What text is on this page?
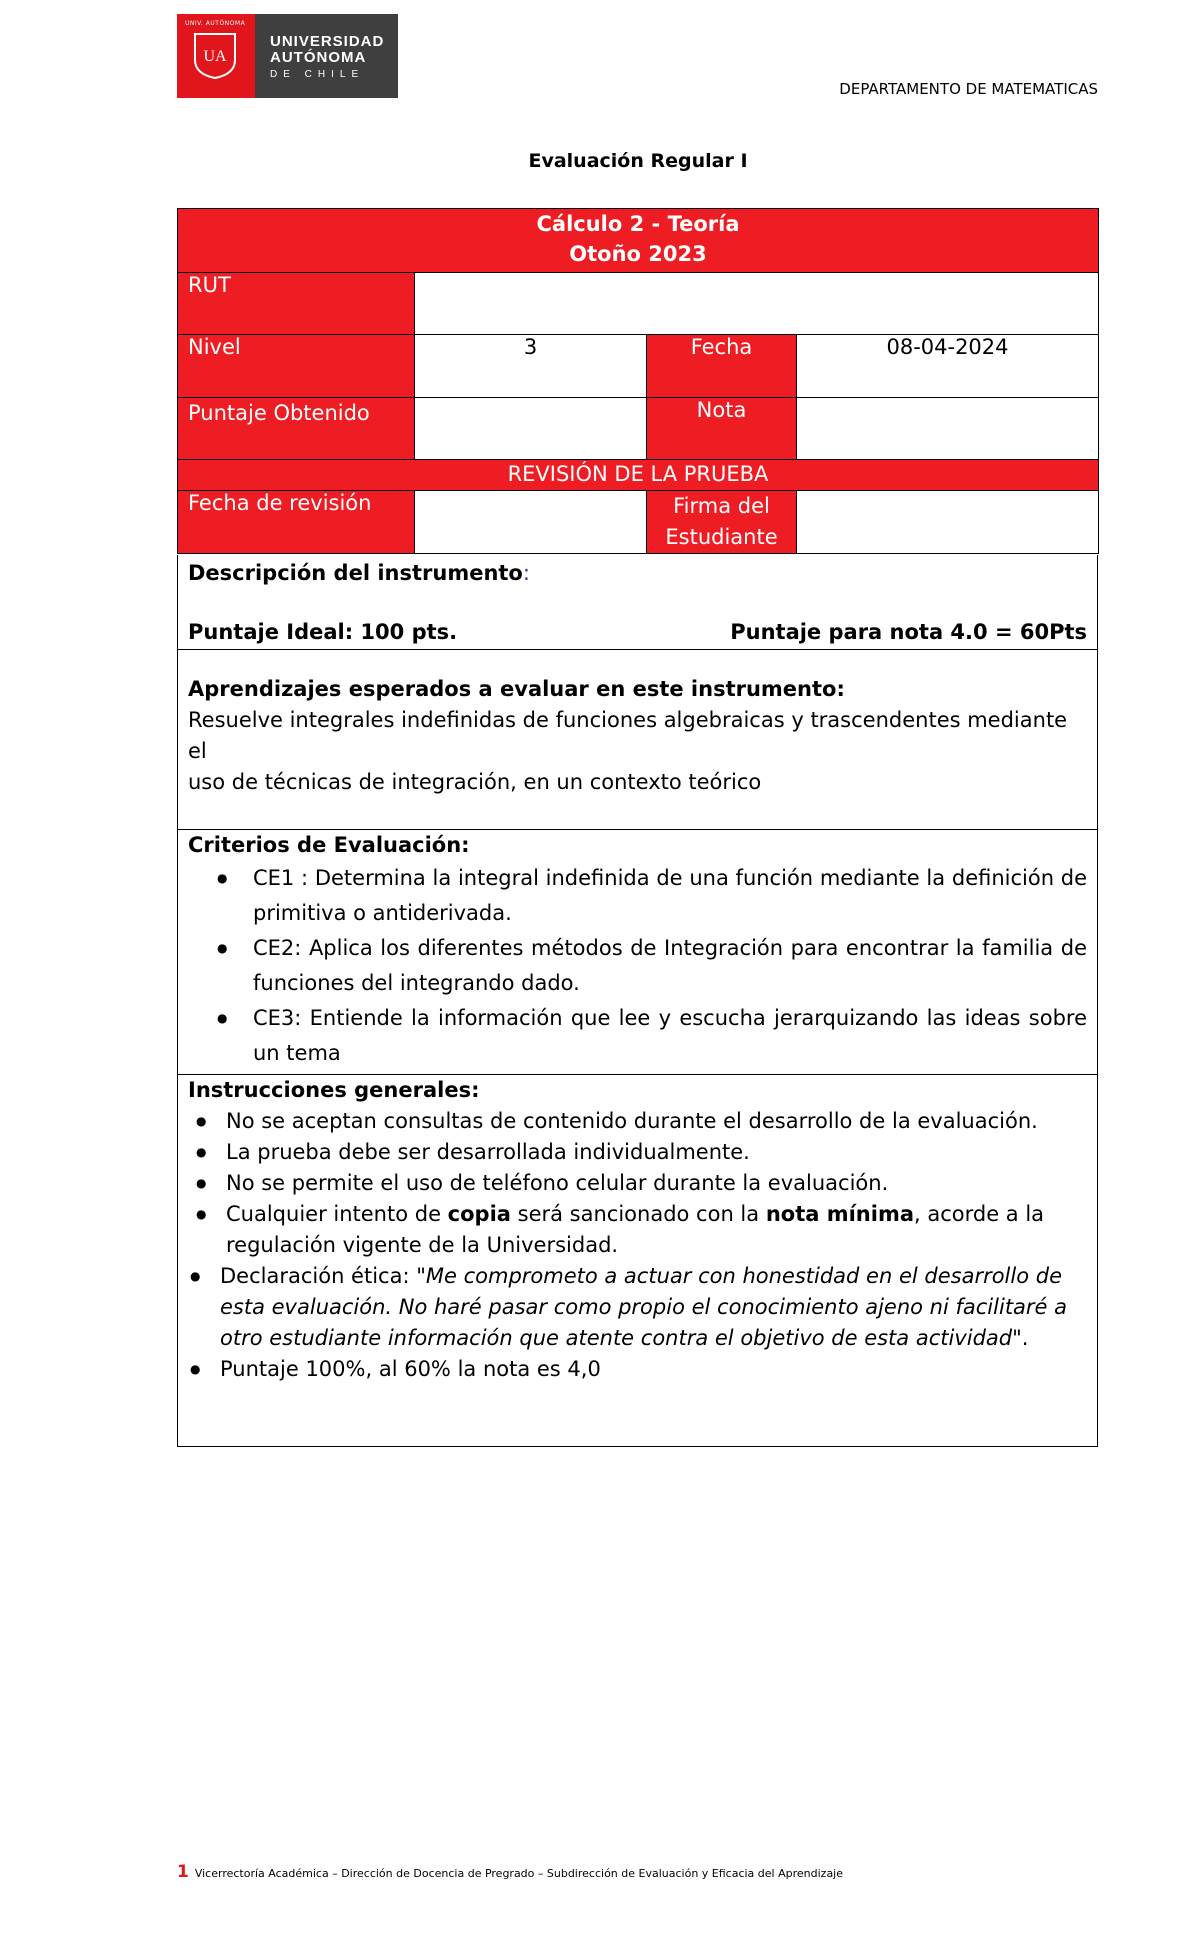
UNIV. AUTÓNOMA
UA
UNIVERSIDAD
AUTÓNOMA
DE CHILE
DEPARTAMENTO DE MATEMATICAS
Evaluación Regular I
Cálculo 2 - Teoría
Otoño 2023			

RUT			
Nivel	3	Fecha	08-04-2024
Puntaje Obtenido		Nota	
REVISIÓN DE LA PRUEBA			
Fecha de revisión		Firma del Estudiante	
Descripción del instrumento:
Puntaje Ideal: 100 pts.	Puntaje para nota 4.0 = 60Pts
Aprendizajes esperados a evaluar en este instrumento:
Resuelve integrales indefinidas de funciones algebraicas y trascendentes mediante el
uso de técnicas de integración, en un contexto teórico
Criterios de Evaluación:
● CE1 : Determina la integral indefinida de una función mediante la definición de primitiva o antiderivada.
● CE2: Aplica los diferentes métodos de Integración para encontrar la familia de funciones del integrando dado.
● CE3: Entiende la información que lee y escucha jerarquizando las ideas sobre un tema
Instrucciones generales:
● No se aceptan consultas de contenido durante el desarrollo de la evaluación.
● La prueba debe ser desarrollada individualmente.
● No se permite el uso de teléfono celular durante la evaluación.
● Cualquier intento de copia será sancionado con la nota mínima, acorde a la regulación vigente de la Universidad.
● Declaración ética: "Me comprometo a actuar con honestidad en el desarrollo de esta evaluación. No haré pasar como propio el conocimiento ajeno ni facilitaré a otro estudiante información que atente contra el objetivo de esta actividad".
● Puntaje 100%, al 60% la nota es 4,0
1 Vicerrectoría Académica – Dirección de Docencia de Pregrado – Subdirección de Evaluación y Eficacia del Aprendizaje
